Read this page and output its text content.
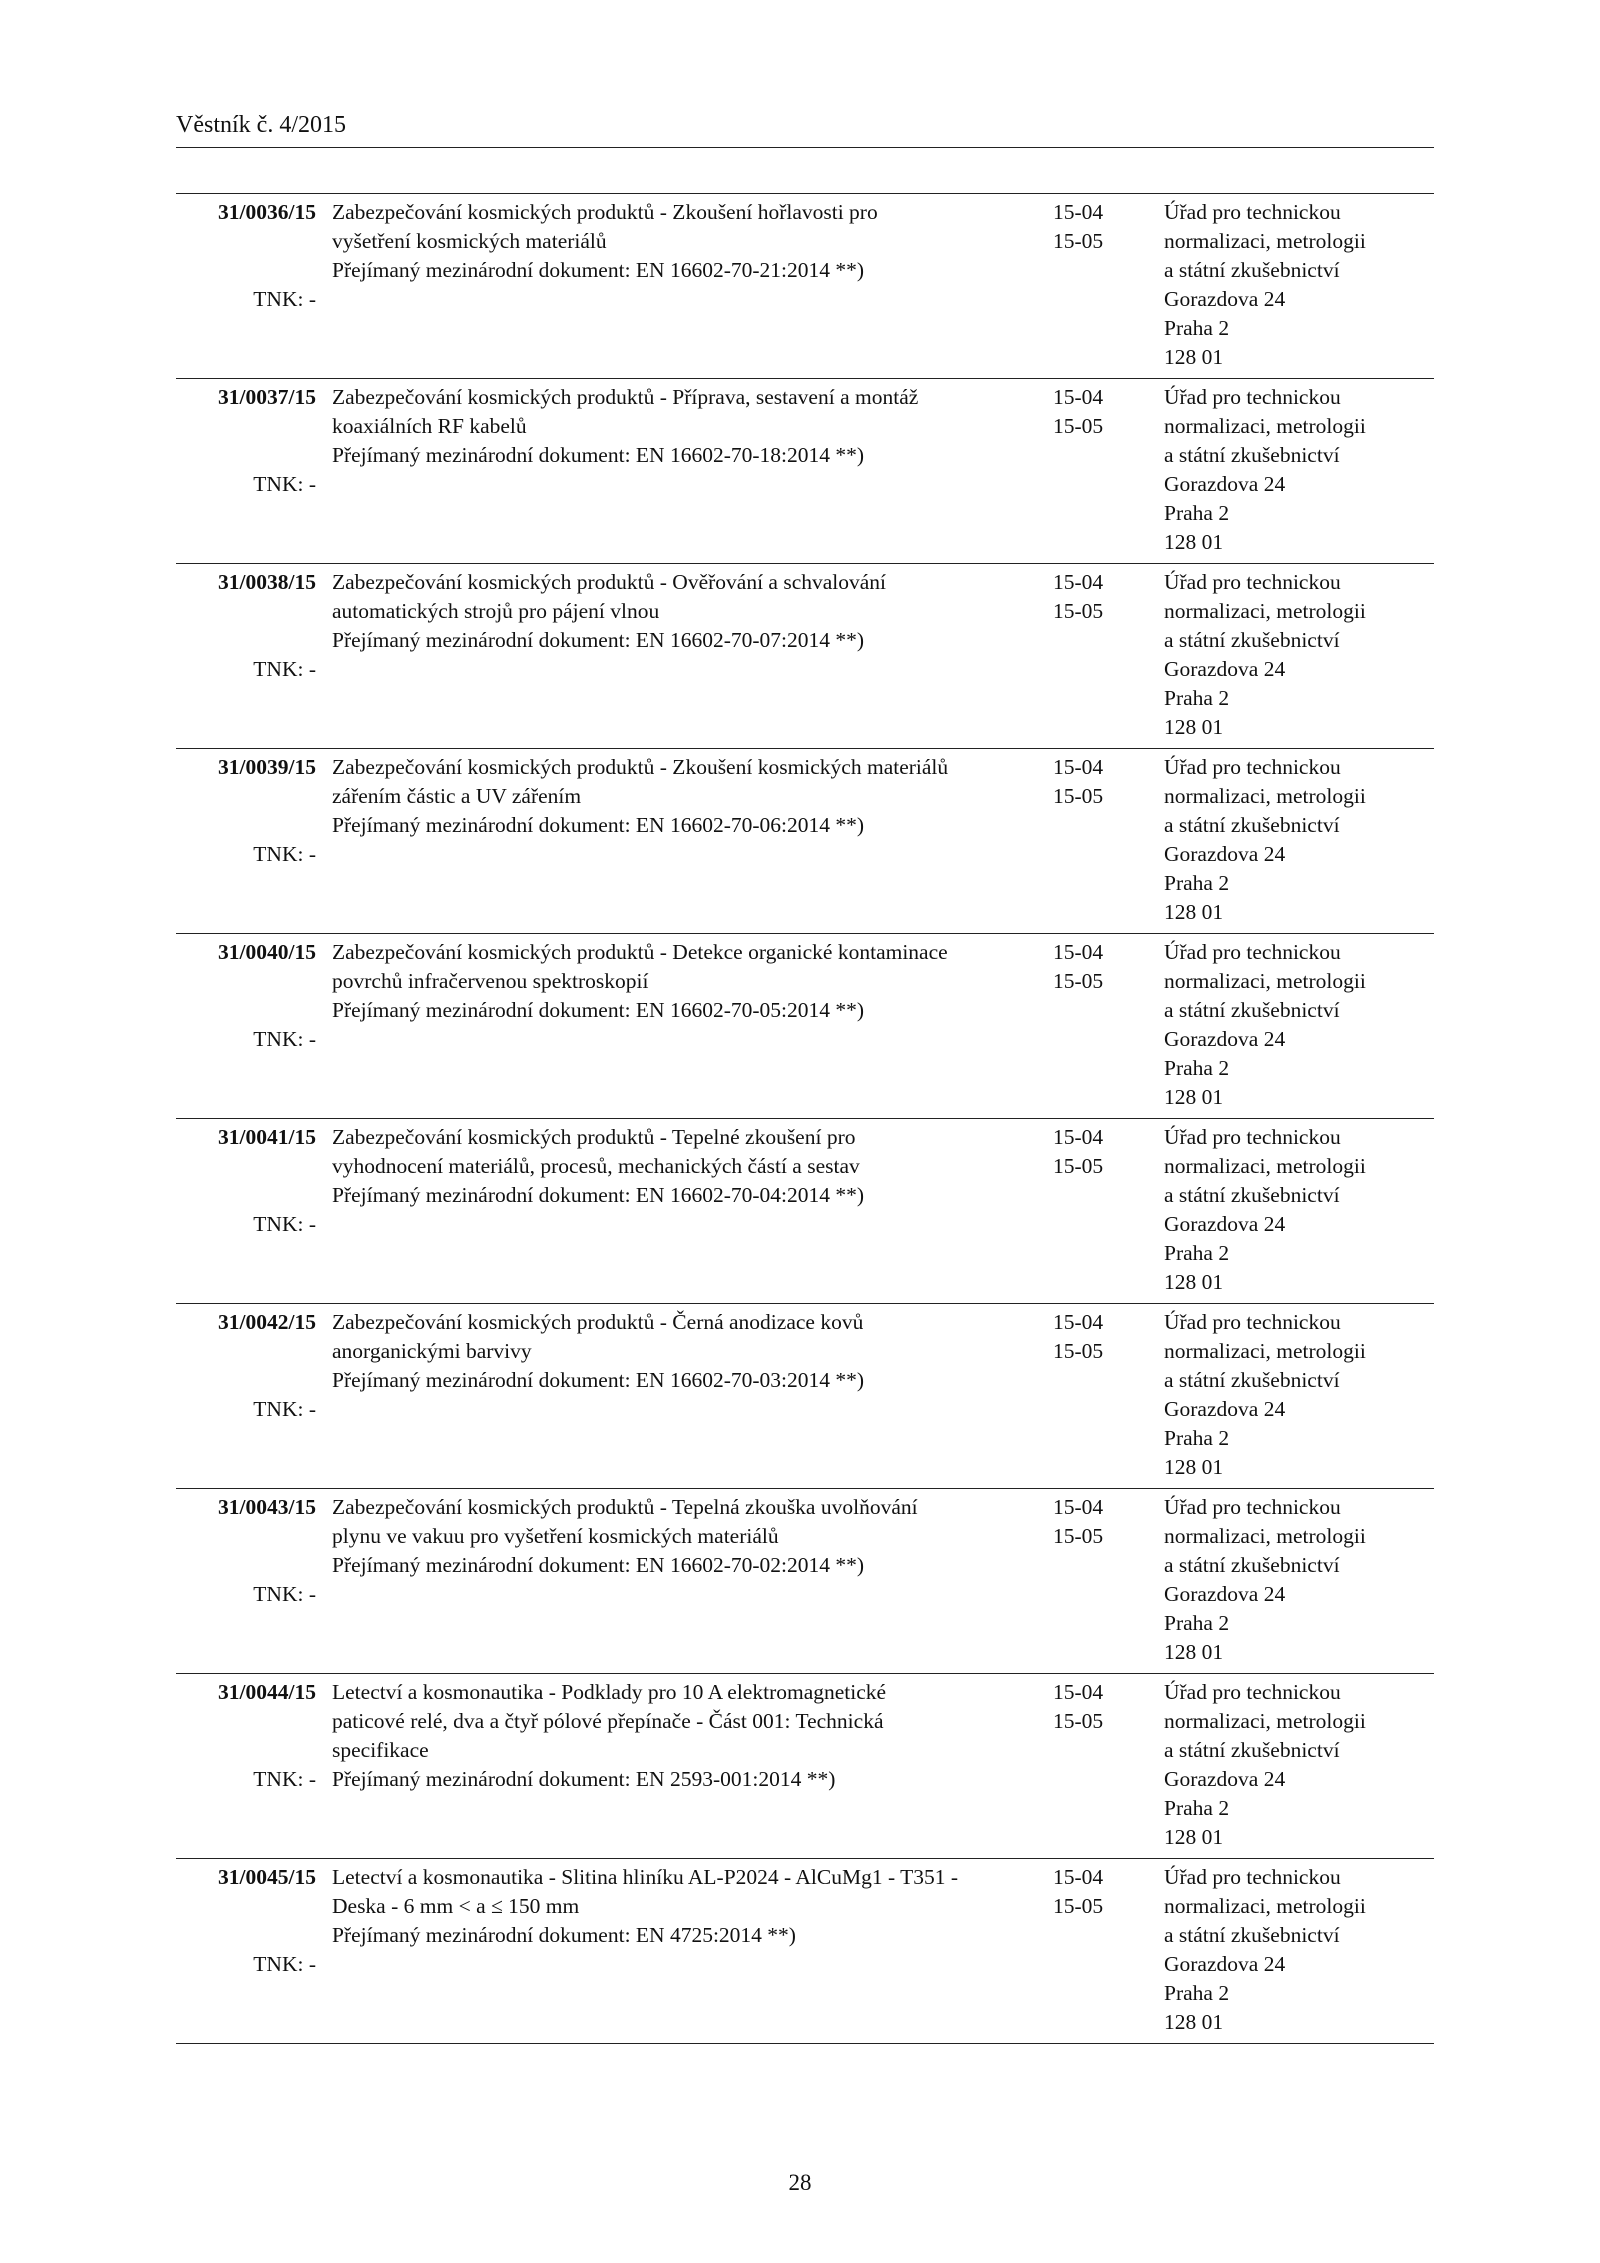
Věstník č. 4/2015
31/0036/15
TNK: -
Zabezpečování kosmických produktů - Zkoušení hořlavosti pro
vyšetření kosmických materiálů
Přejímaný mezinárodní dokument: EN 16602-70-21:2014 **)
15-04
15-05
Úřad pro technickou
normalizaci, metrologii
a státní zkušebnictví
Gorazdova 24
Praha 2
128 01
31/0037/15
TNK: -
Zabezpečování kosmických produktů - Příprava, sestavení a montáž
koaxiálních RF kabelů
Přejímaný mezinárodní dokument: EN 16602-70-18:2014 **)
15-04
15-05
Úřad pro technickou
normalizaci, metrologii
a státní zkušebnictví
Gorazdova 24
Praha 2
128 01
31/0038/15
TNK: -
Zabezpečování kosmických produktů - Ověřování a schvalování
automatických strojů pro pájení vlnou
Přejímaný mezinárodní dokument: EN 16602-70-07:2014 **)
15-04
15-05
Úřad pro technickou
normalizaci, metrologii
a státní zkušebnictví
Gorazdova 24
Praha 2
128 01
31/0039/15
TNK: -
Zabezpečování kosmických produktů - Zkoušení kosmických materiálů
zářením částic a UV zářením
Přejímaný mezinárodní dokument: EN 16602-70-06:2014 **)
15-04
15-05
Úřad pro technickou
normalizaci, metrologii
a státní zkušebnictví
Gorazdova 24
Praha 2
128 01
31/0040/15
TNK: -
Zabezpečování kosmických produktů - Detekce organické kontaminace
povrchů infračervenou spektroskopií
Přejímaný mezinárodní dokument: EN 16602-70-05:2014 **)
15-04
15-05
Úřad pro technickou
normalizaci, metrologii
a státní zkušebnictví
Gorazdova 24
Praha 2
128 01
31/0041/15
TNK: -
Zabezpečování kosmických produktů - Tepelné zkoušení pro
vyhodnocení materiálů, procesů, mechanických částí a sestav
Přejímaný mezinárodní dokument: EN 16602-70-04:2014 **)
15-04
15-05
Úřad pro technickou
normalizaci, metrologii
a státní zkušebnictví
Gorazdova 24
Praha 2
128 01
31/0042/15
TNK: -
Zabezpečování kosmických produktů - Černá anodizace kovů
anorganickými barvivy
Přejímaný mezinárodní dokument: EN 16602-70-03:2014 **)
15-04
15-05
Úřad pro technickou
normalizaci, metrologii
a státní zkušebnictví
Gorazdova 24
Praha 2
128 01
31/0043/15
TNK: -
Zabezpečování kosmických produktů - Tepelná zkouška uvolňování
plynu ve vakuu pro vyšetření kosmických materiálů
Přejímaný mezinárodní dokument: EN 16602-70-02:2014 **)
15-04
15-05
Úřad pro technickou
normalizaci, metrologii
a státní zkušebnictví
Gorazdova 24
Praha 2
128 01
31/0044/15
TNK: -
Letectví a kosmonautika - Podklady pro 10 A elektromagnetické
paticové relé, dva a čtyř pólové přepínače - Část 001: Technická
specifikace
Přejímaný mezinárodní dokument: EN 2593-001:2014 **)
15-04
15-05
Úřad pro technickou
normalizaci, metrologii
a státní zkušebnictví
Gorazdova 24
Praha 2
128 01
31/0045/15
TNK: -
Letectví a kosmonautika - Slitina hliníku AL-P2024 - AlCuMg1 - T351 -
Deska - 6 mm < a ≤ 150 mm
Přejímaný mezinárodní dokument: EN 4725:2014 **)
15-04
15-05
Úřad pro technickou
normalizaci, metrologii
a státní zkušebnictví
Gorazdova 24
Praha 2
128 01
28
